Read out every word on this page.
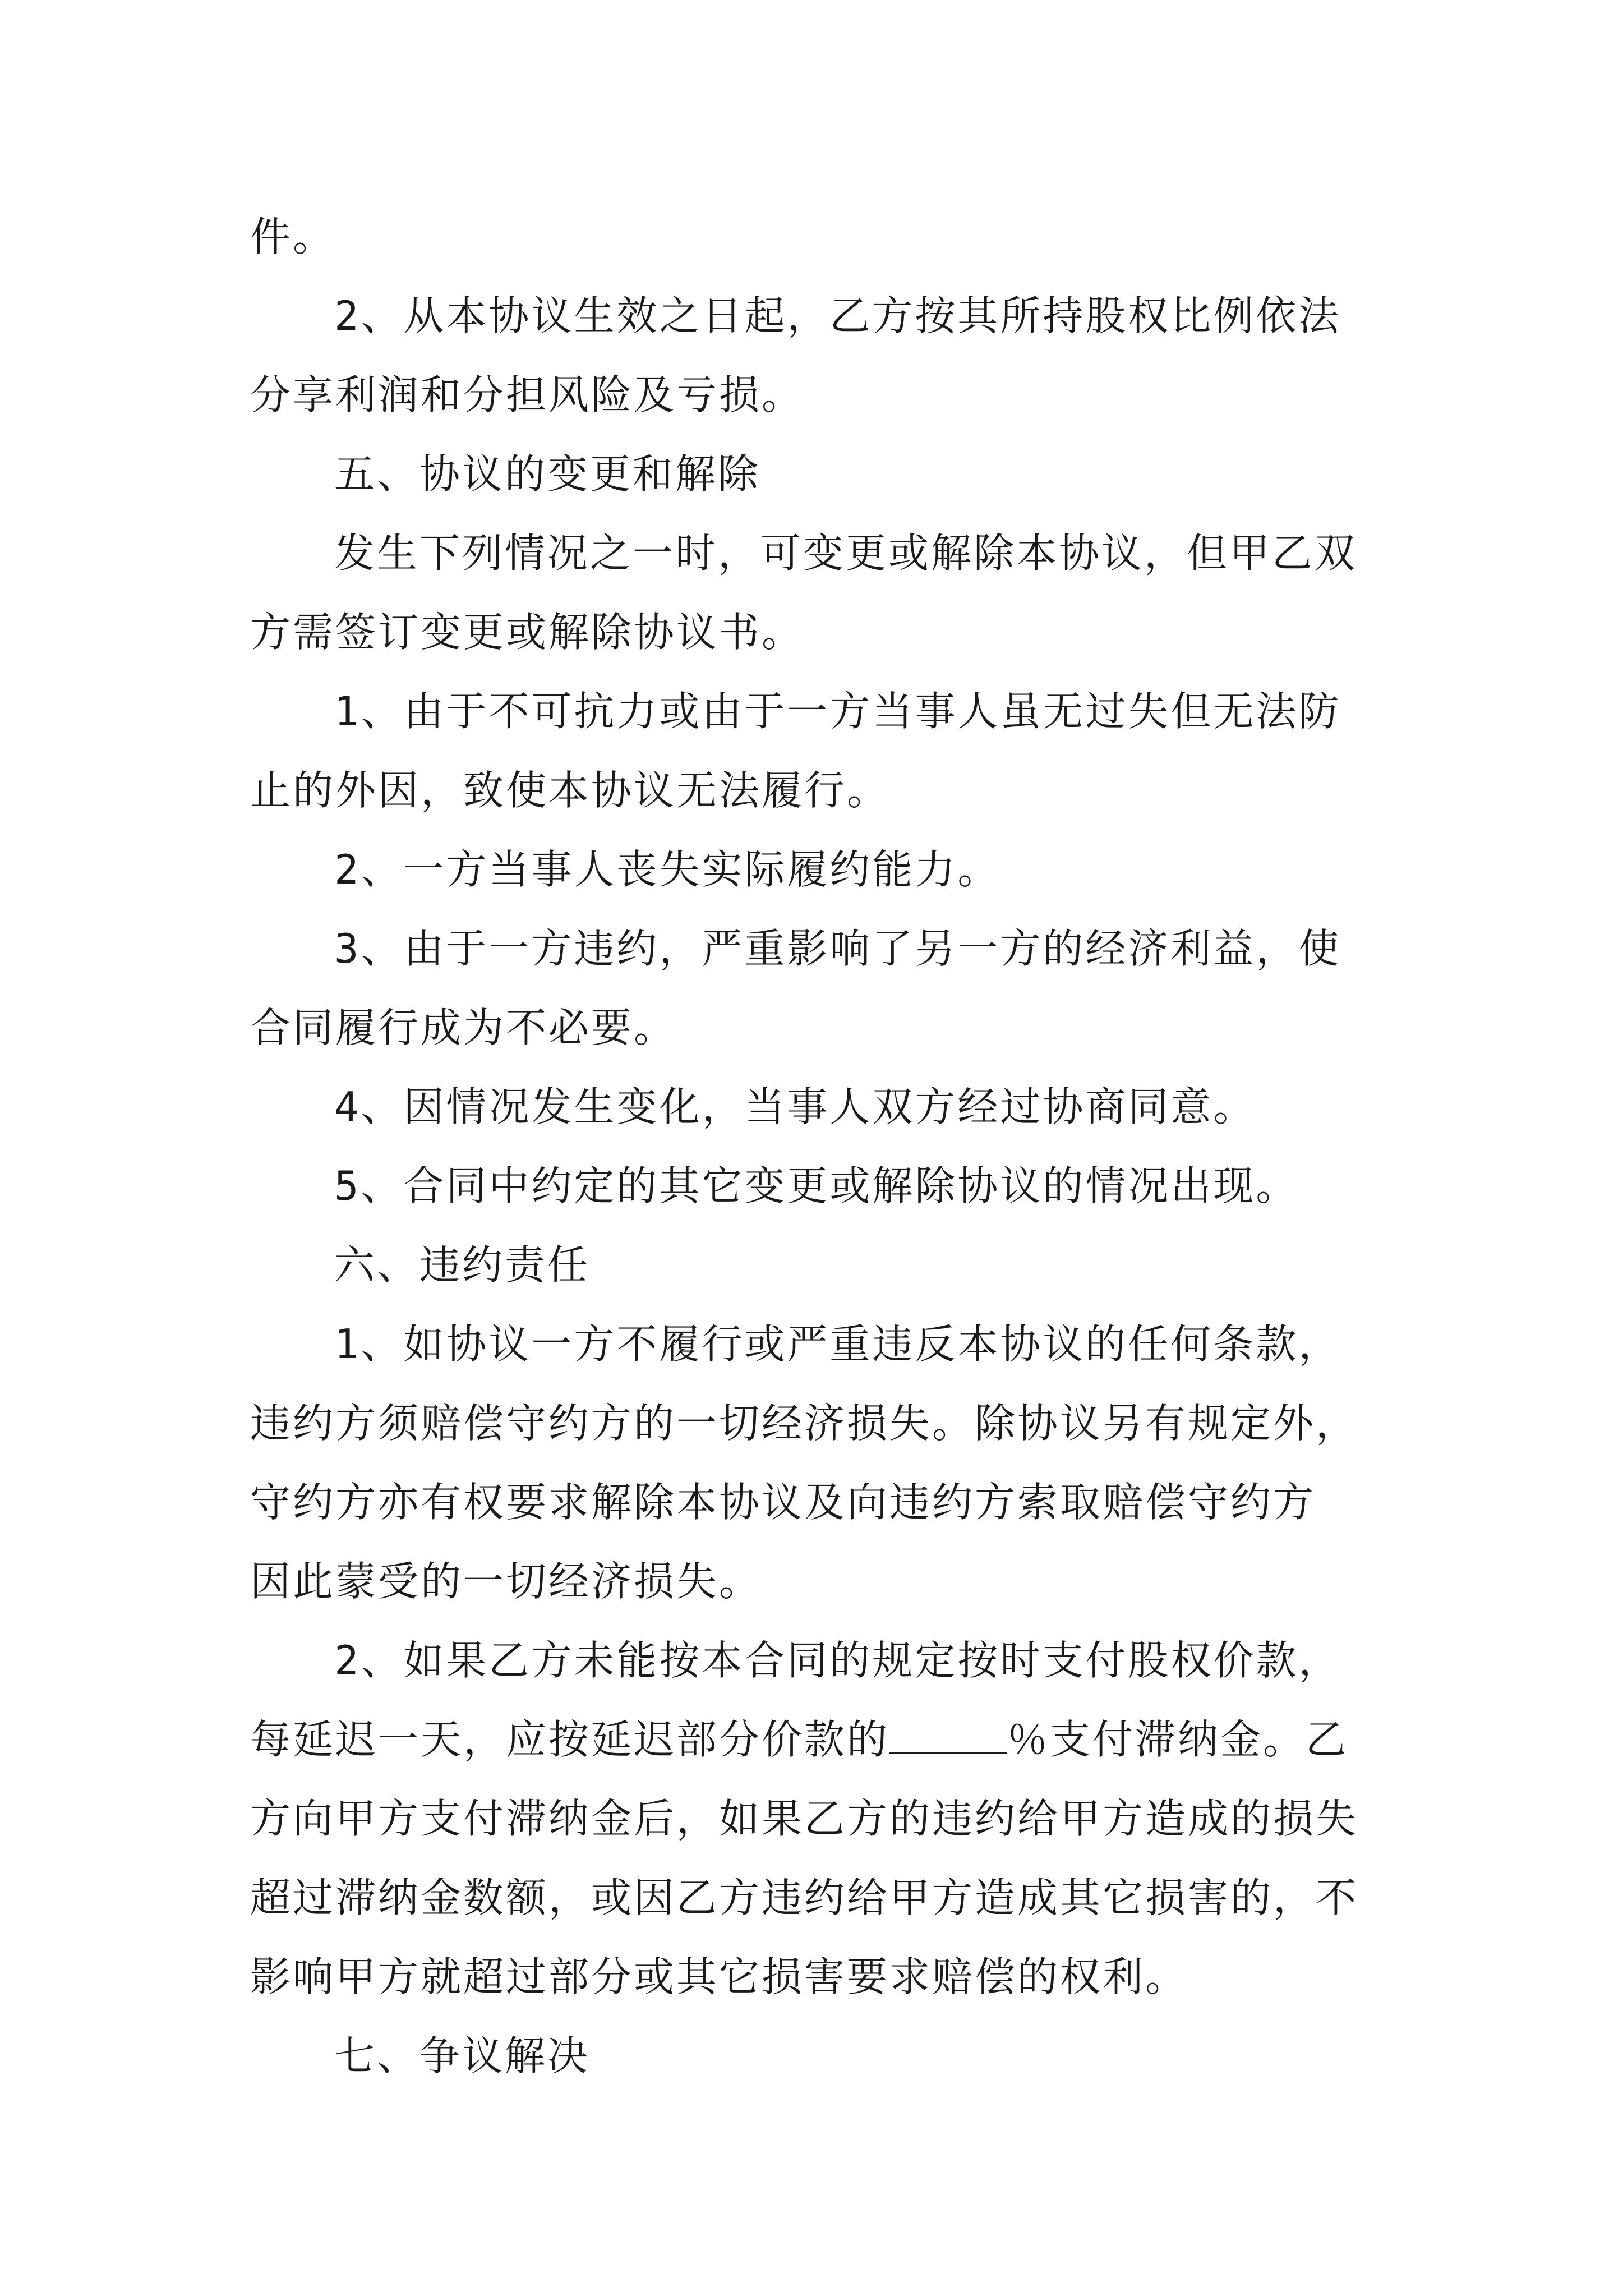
件。
2、从本协议生效之日起，乙方按其所持股权比例依法
分享利润和分担风险及亏损。
五、协议的变更和解除
发生下列情况之一时，可变更或解除本协议，但甲乙双
方需签订变更或解除协议书。
1、由于不可抗力或由于一方当事人虽无过失但无法防
止的外因，致使本协议无法履行。
2、一方当事人丧失实际履约能力。
3、由于一方违约，严重影响了另一方的经济利益，使
合同履行成为不必要。
4、因情况发生变化，当事人双方经过协商同意。
5、合同中约定的其它变更或解除协议的情况出现。
六、违约责任
1、如协议一方不履行或严重违反本协议的任何条款，
违约方须赔偿守约方的一切经济损失。除协议另有规定外，
守约方亦有权要求解除本协议及向违约方索取赔偿守约方
因此蒙受的一切经济损失。
2、如果乙方未能按本合同的规定按时支付股权价款，
每延迟一天，应按延迟部分价款的	％支付滞纳金。乙
方向甲方支付滞纳金后，如果乙方的违约给甲方造成的损失
超过滞纳金数额，或因乙方违约给甲方造成其它损害的，不
影响甲方就超过部分或其它损害要求赔偿的权利。
七、争议解决
